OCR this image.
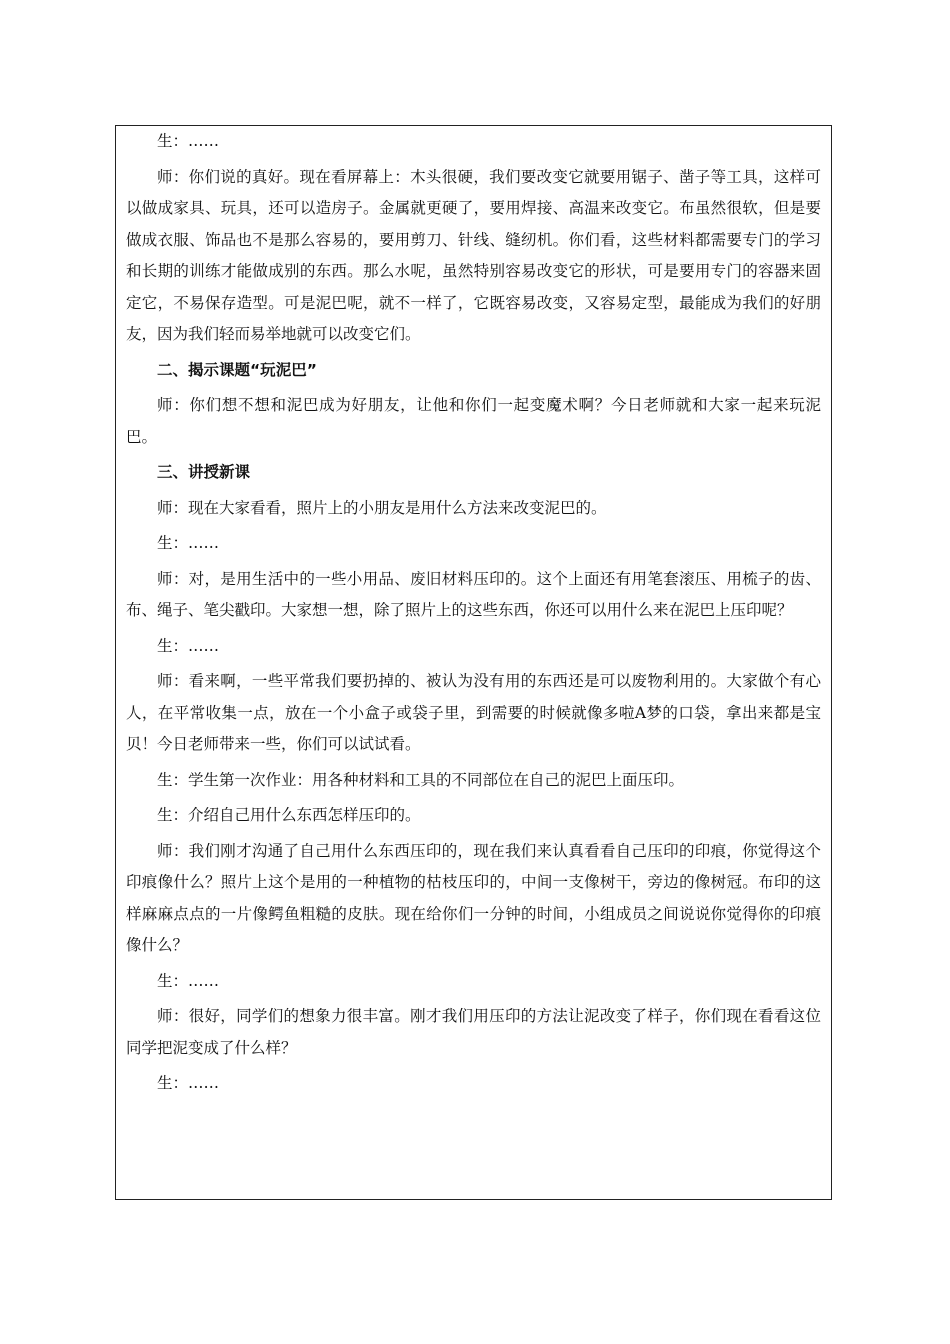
生：……

师：你们说的真好。现在看屏幕上：木头很硬，我们要改变它就要用锯子、凿子等工具，这样可以做成家具、玩具，还可以造房子。金属就更硬了，要用焊接、高温来改变它。布虽然很软，但是要做成衣服、饰品也不是那么容易的，要用剪刀、针线、缝纫机。你们看，这些材料都需要专门的学习和长期的训练才能做成别的东西。那么水呢，虽然特别容易改变它的形状，可是要用专门的容器来固定它，不易保存造型。可是泥巴呢，就不一样了，它既容易改变，又容易定型，最能成为我们的好朋友，因为我们轻而易举地就可以改变它们。

二、揭示课题“玩泥巴”

师：你们想不想和泥巴成为好朋友，让他和你们一起变魔术啊？今日老师就和大家一起来玩泥巴。

三、讲授新课

师：现在大家看看，照片上的小朋友是用什么方法来改变泥巴的。

生：……

师：对，是用生活中的一些小用品、废旧材料压印的。这个上面还有用笔套滚压、用梳子的齿、布、绳子、笔尖戳印。大家想一想，除了照片上的这些东西，你还可以用什么来在泥巴上压印呢？

生：……

师：看来啊，一些平常我们要扔掉的、被认为没有用的东西还是可以废物利用的。大家做个有心人，在平常收集一点，放在一个小盒子或袋子里，到需要的时候就像多啦A梦的口袋，拿出来都是宝贝！今日老师带来一些，你们可以试试看。

生：学生第一次作业：用各种材料和工具的不同部位在自己的泥巴上面压印。

生：介绍自己用什么东西怎样压印的。

师：我们刚才沟通了自己用什么东西压印的，现在我们来认真看看自己压印的印痕，你觉得这个印痕像什么？照片上这个是用的一种植物的枯枝压印的，中间一支像树干，旁边的像树冠。布印的这样麻麻点点的一片像鳄鱼粗糙的皮肤。现在给你们一分钟的时间，小组成员之间说说你觉得你的印痕像什么？

生：……

师：很好，同学们的想象力很丰富。刚才我们用压印的方法让泥改变了样子，你们现在看看这位同学把泥变成了什么样？

生：……
